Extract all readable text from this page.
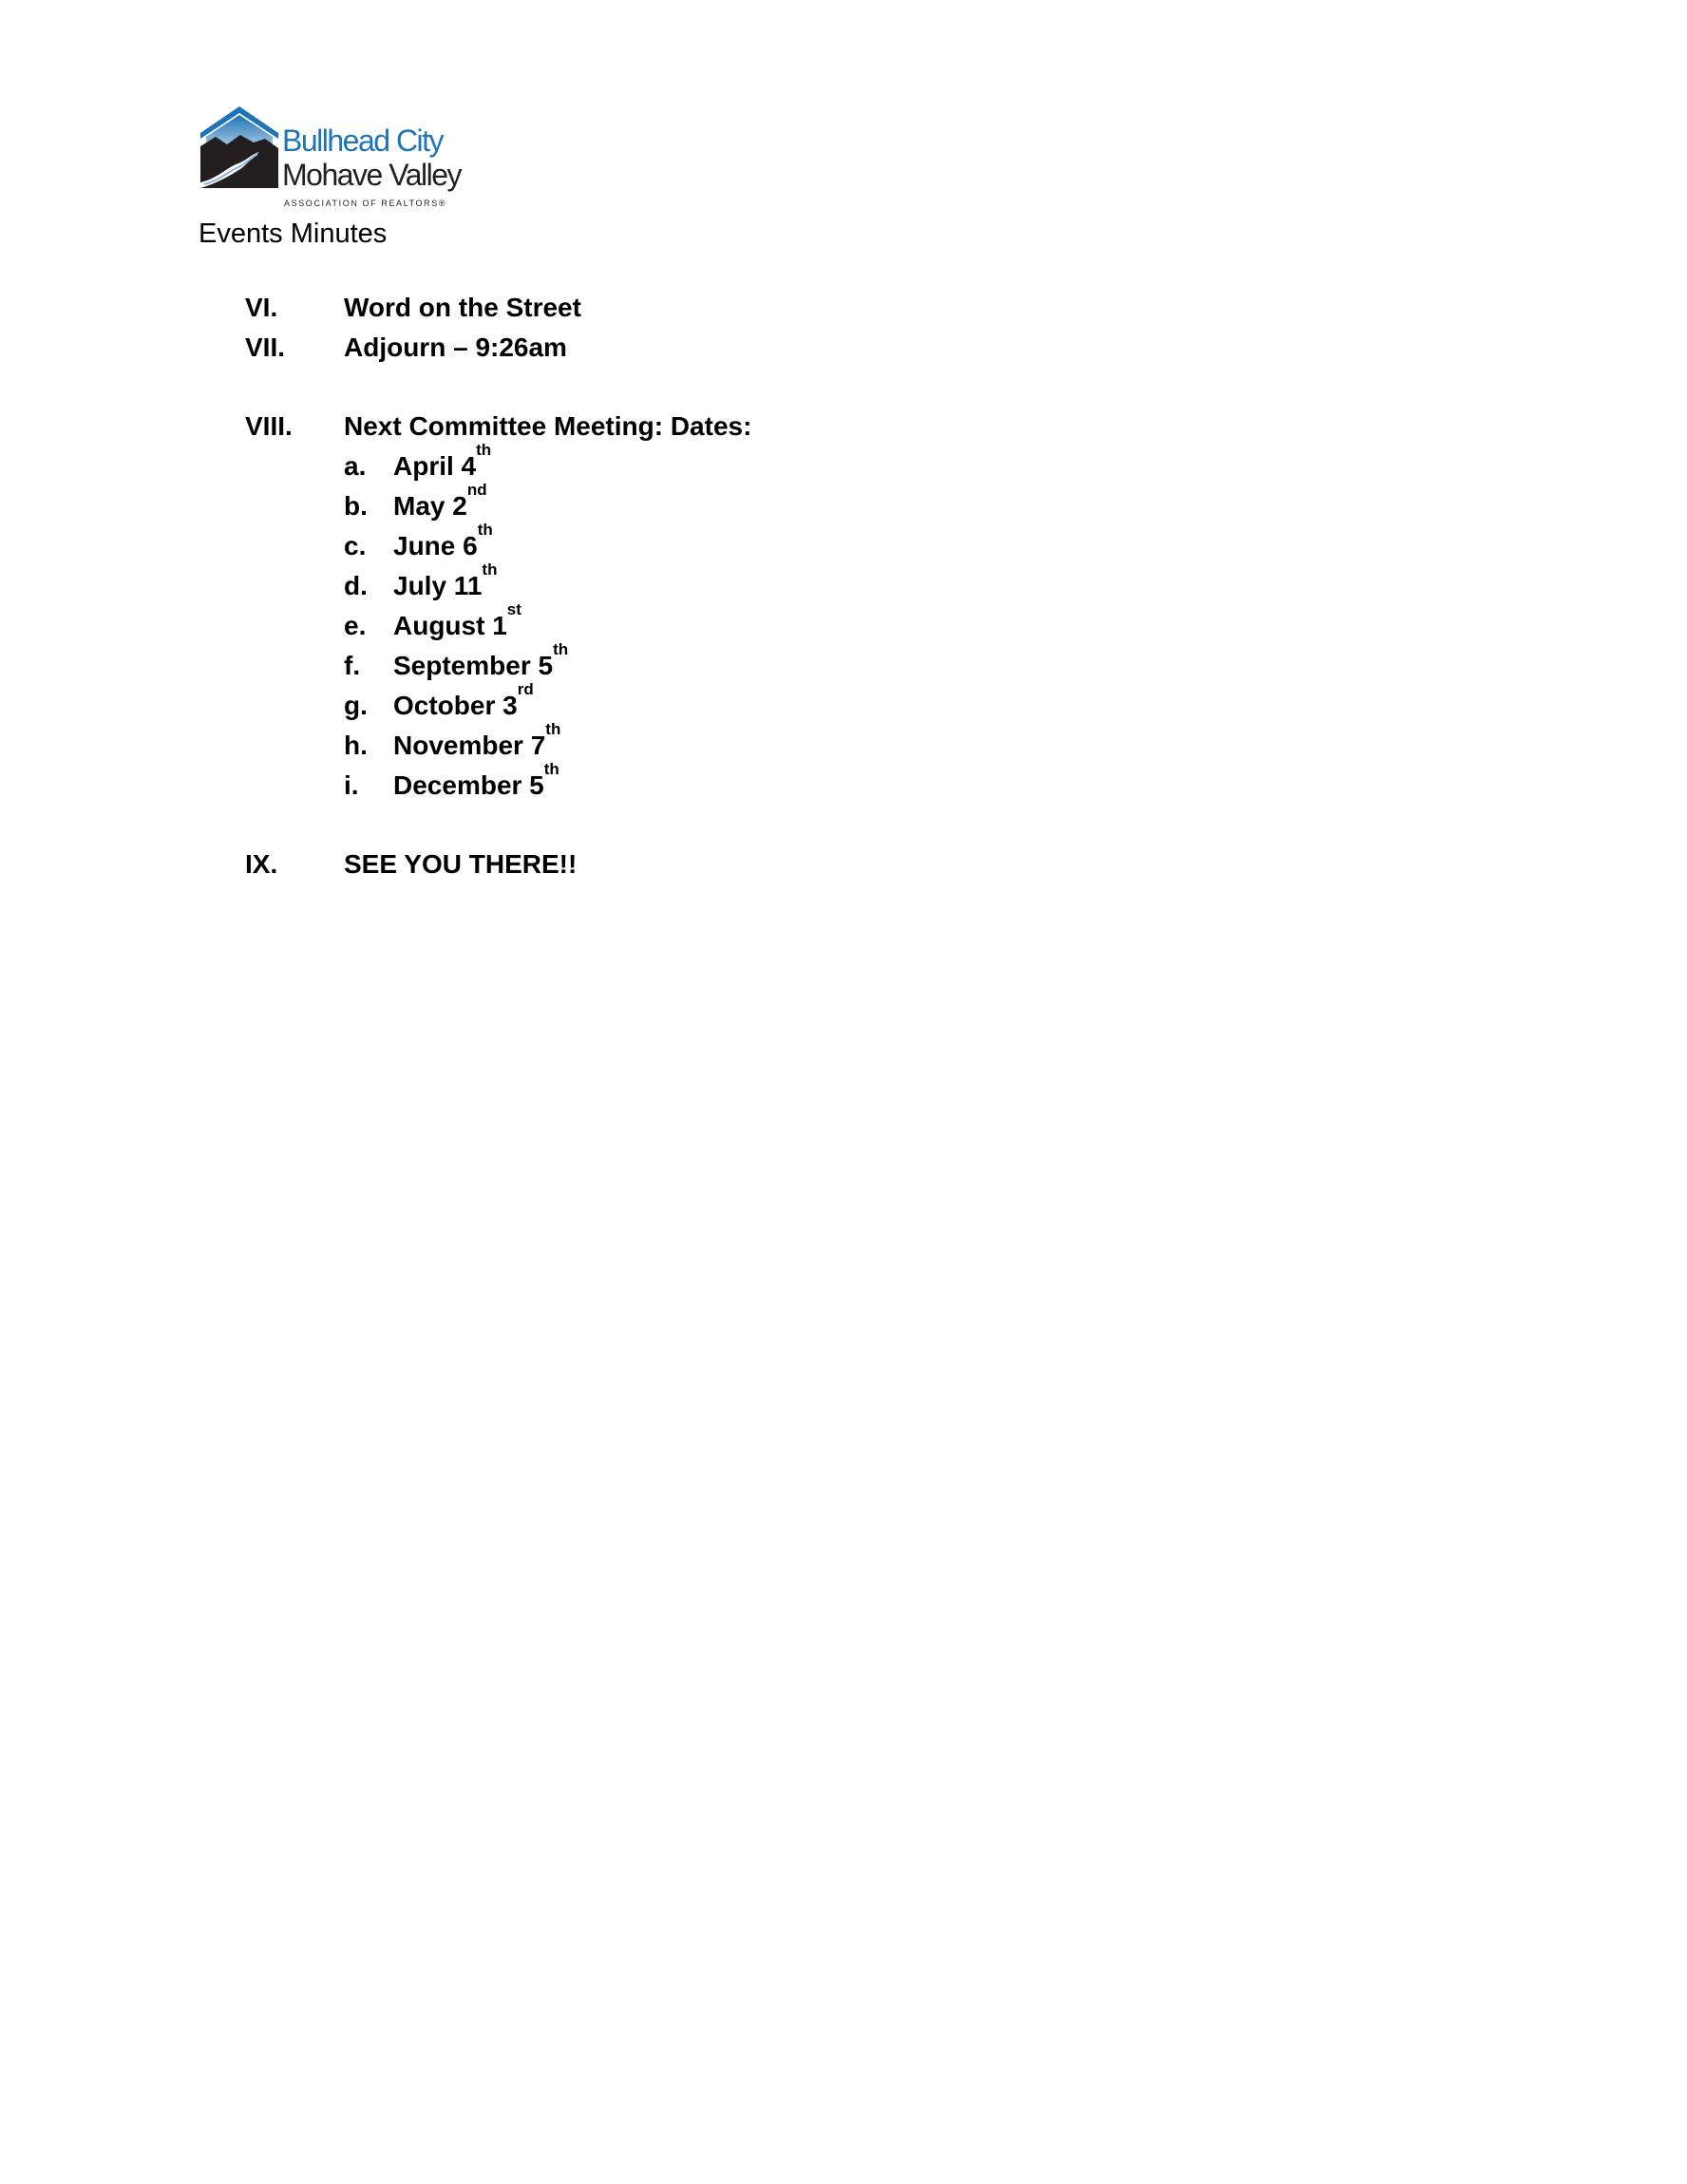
Bullhead City
Mohave Valley
ASSOCIATION OF REALTORS®
Events Minutes
VI. Word on the Street
VII. Adjourn – 9:26am
VIII. Next Committee Meeting: Dates:
a. April 4th
b. May 2nd
c. June 6th
d. July 11th
e. August 1st
f. September 5th
g. October 3rd
h. November 7th
i. December 5th
IX. SEE YOU THERE!!
